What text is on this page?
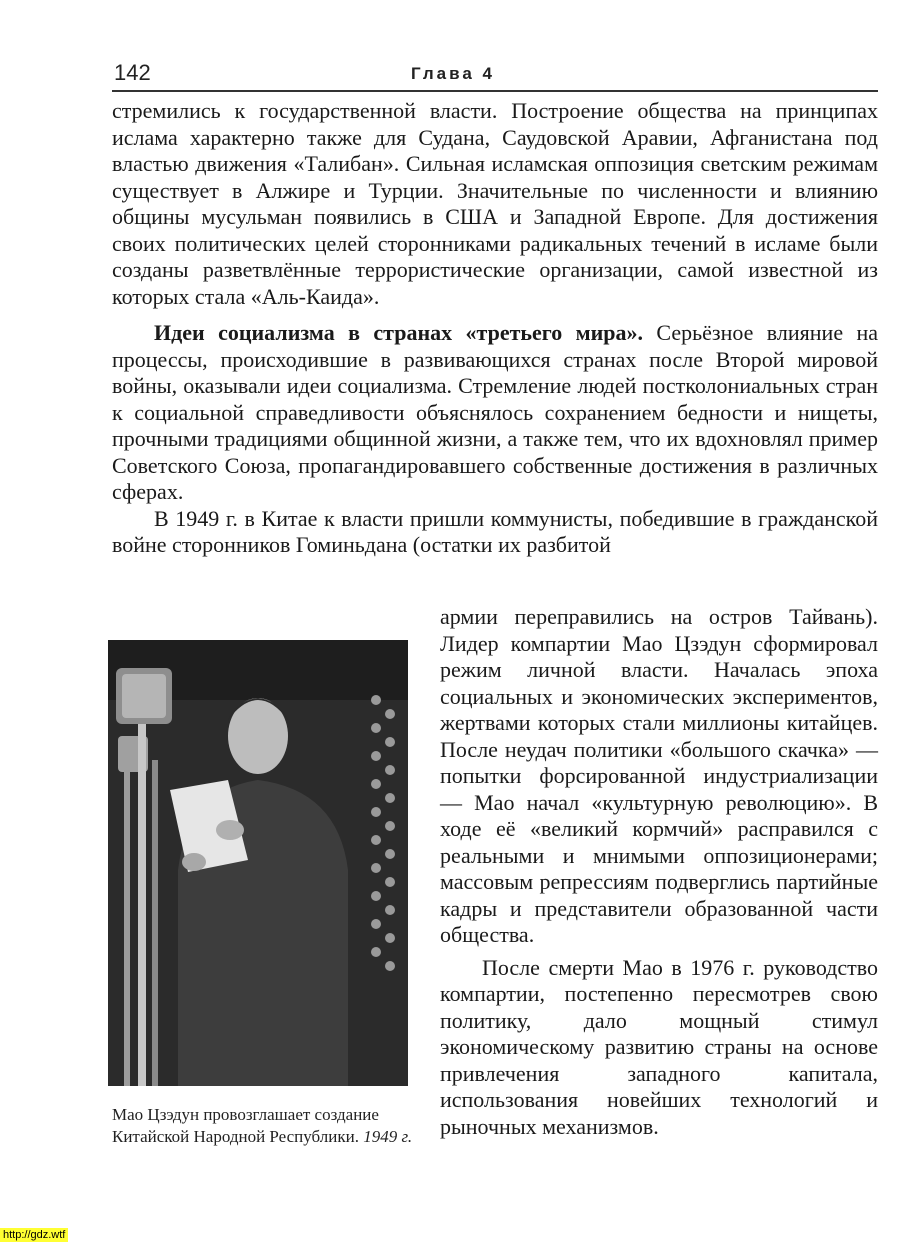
142	Глава 4

стремились к государственной власти. Построение общества на принципах ислама характерно также для Судана, Саудовской Аравии, Афганистана под властью движения «Талибан». Сильная исламская оппозиция светским режимам существует в Алжире и Турции. Значительные по численности и влиянию общины мусульман появились в США и Западной Европе. Для достижения своих политических целей сторонниками радикальных течений в исламе были созданы разветвлённые террористические организации, самой известной из которых стала «Аль-Каида».

Идеи социализма в странах «третьего мира». Серьёзное влияние на процессы, происходившие в развивающихся странах после Второй мировой войны, оказывали идеи социализма. Стремление людей постколониальных стран к социальной справедливости объяснялось сохранением бедности и нищеты, прочными традициями общинной жизни, а также тем, что их вдохновлял пример Советского Союза, пропагандировавшего собственные достижения в различных сферах.

В 1949 г. в Китае к власти пришли коммунисты, победившие в гражданской войне сторонников Гоминьдана (остатки их разбитой

Мао Цзэдун провозглашает создание Китайской Народной Республики. 1949 г.

армии переправились на остров Тайвань). Лидер компартии Мао Цзэдун сформировал режим личной власти. Началась эпоха социальных и экономических экспериментов, жертвами которых стали миллионы китайцев. После неудач политики «большого скачка» — попытки форсированной индустриализации — Мао начал «культурную революцию». В ходе её «великий кормчий» расправился с реальными и мнимыми оппозиционерами; массовым репрессиям подверглись партийные кадры и представители образованной части общества.

После смерти Мао в 1976 г. руководство компартии, постепенно пересмотрев свою политику, дало мощный стимул экономическому развитию страны на основе привлечения западного капитала, использования новейших технологий и рыночных механизмов.

http://gdz.wtf
